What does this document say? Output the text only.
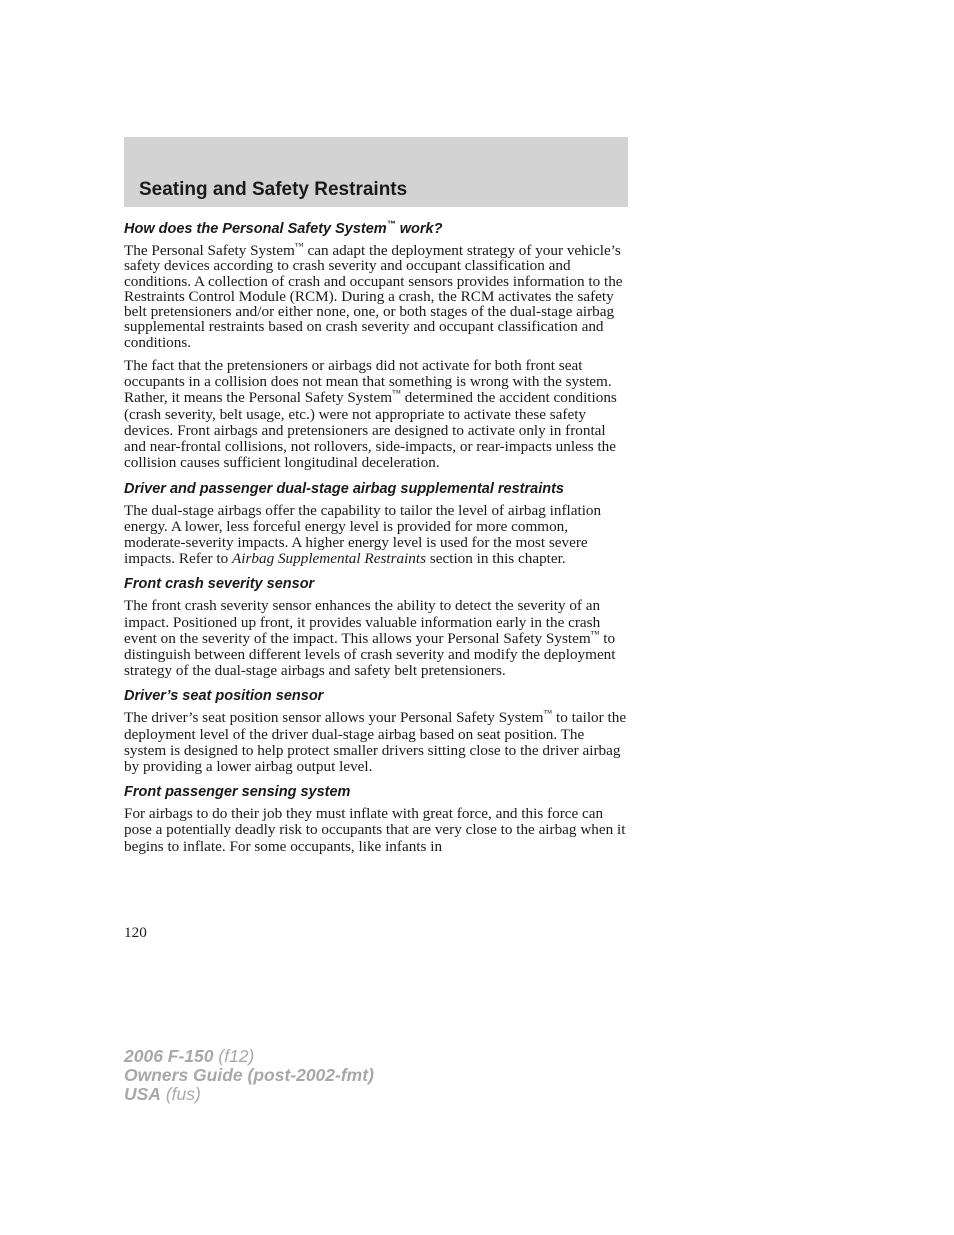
Seating and Safety Restraints
How does the Personal Safety System™ work?

The Personal Safety System™ can adapt the deployment strategy of your vehicle’s safety devices according to crash severity and occupant classification and conditions. A collection of crash and occupant sensors provides information to the Restraints Control Module (RCM). During a crash, the RCM activates the safety belt pretensioners and/or either none, one, or both stages of the dual-stage airbag supplemental restraints based on crash severity and occupant classification and conditions.

The fact that the pretensioners or airbags did not activate for both front seat occupants in a collision does not mean that something is wrong with the system. Rather, it means the Personal Safety System™ determined the accident conditions (crash severity, belt usage, etc.) were not appropriate to activate these safety devices. Front airbags and pretensioners are designed to activate only in frontal and near-frontal collisions, not rollovers, side-impacts, or rear-impacts unless the collision causes sufficient longitudinal deceleration.

Driver and passenger dual-stage airbag supplemental restraints

The dual-stage airbags offer the capability to tailor the level of airbag inflation energy. A lower, less forceful energy level is provided for more common, moderate-severity impacts. A higher energy level is used for the most severe impacts. Refer to Airbag Supplemental Restraints section in this chapter.

Front crash severity sensor

The front crash severity sensor enhances the ability to detect the severity of an impact. Positioned up front, it provides valuable information early in the crash event on the severity of the impact. This allows your Personal Safety System™ to distinguish between different levels of crash severity and modify the deployment strategy of the dual-stage airbags and safety belt pretensioners.

Driver’s seat position sensor

The driver’s seat position sensor allows your Personal Safety System™ to tailor the deployment level of the driver dual-stage airbag based on seat position. The system is designed to help protect smaller drivers sitting close to the driver airbag by providing a lower airbag output level.

Front passenger sensing system

For airbags to do their job they must inflate with great force, and this force can pose a potentially deadly risk to occupants that are very close to the airbag when it begins to inflate. For some occupants, like infants in

120

2006 F-150 (f12)
Owners Guide (post-2002-fmt)
USA (fus)
